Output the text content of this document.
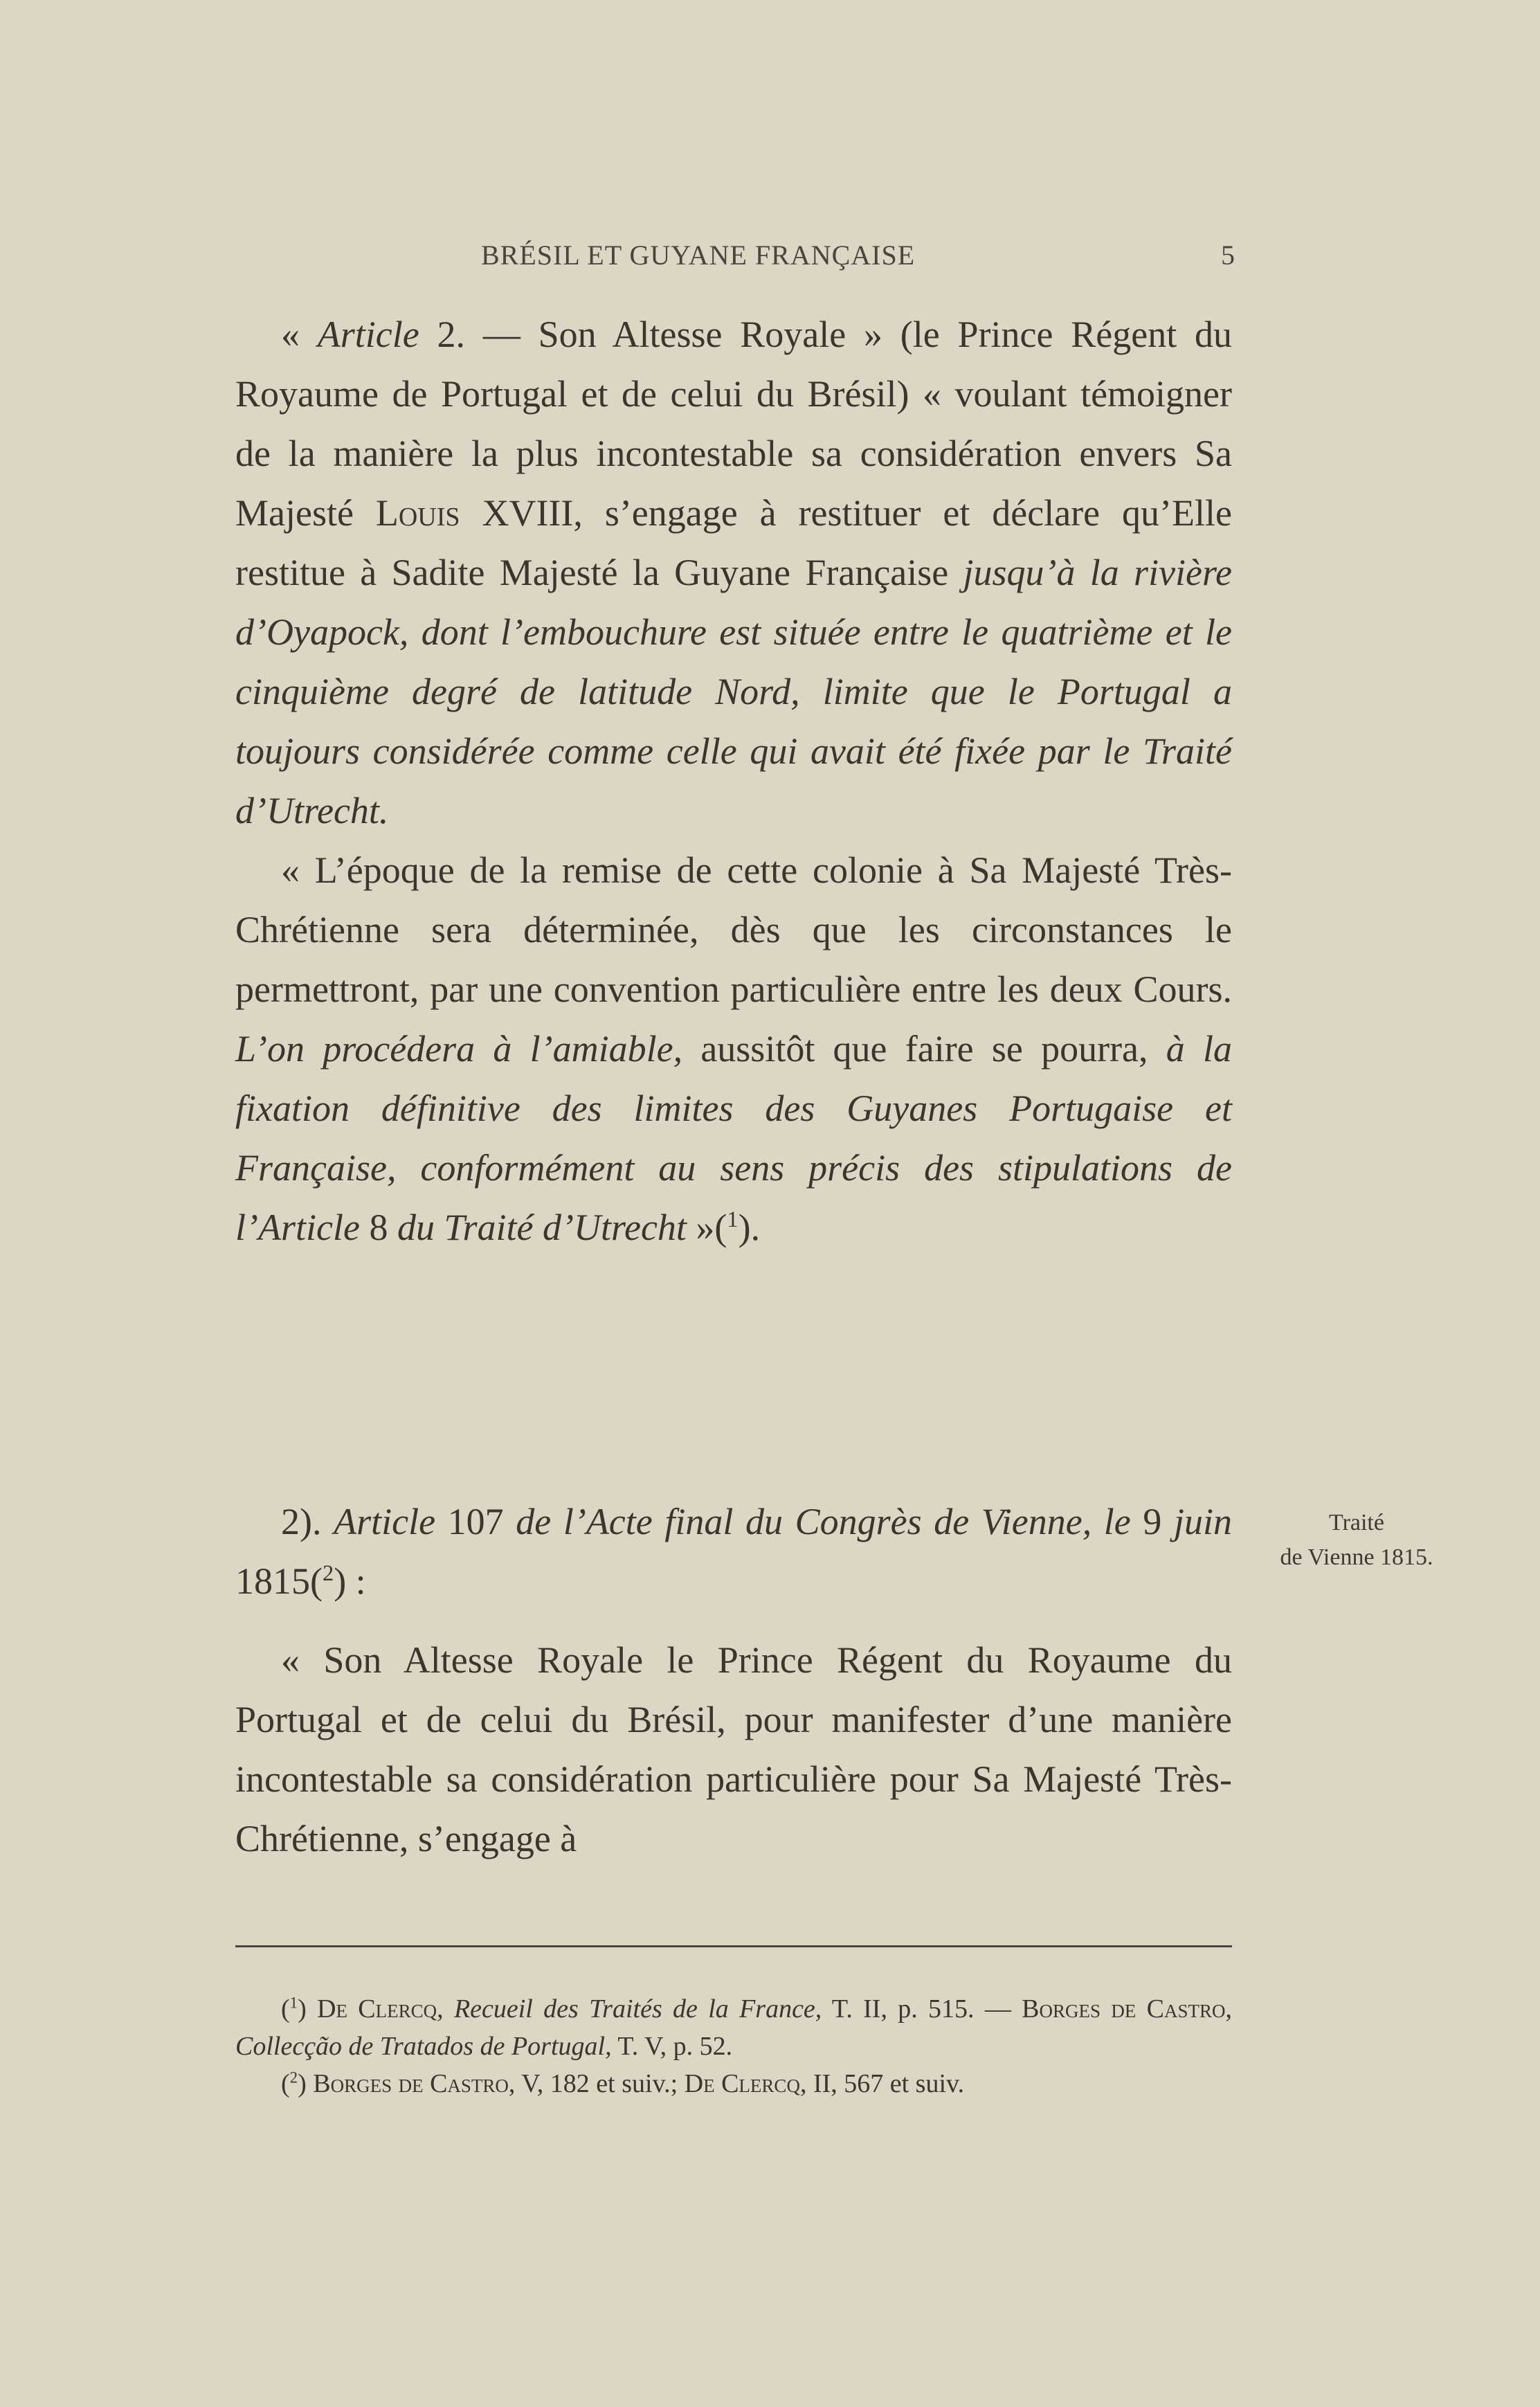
BRÉSIL ET GUYANE FRANÇAISE	5

« Article 2. — Son Altesse Royale » (le Prince Régent du Royaume de Portugal et de celui du Brésil) « voulant témoigner de la manière la plus incontestable sa considération envers Sa Majesté Louis XVIII, s’engage à restituer et déclare qu’Elle restitue à Sadite Majesté la Guyane Française jusqu’à la rivière d’Oyapock, dont l’embouchure est située entre le quatrième et le cinquième degré de latitude Nord, limite que le Portugal a toujours considérée comme celle qui avait été fixée par le Traité d’Utrecht.

« L’époque de la remise de cette colonie à Sa Majesté Très-Chrétienne sera déterminée, dès que les circonstances le permettront, par une convention particulière entre les deux Cours. L’on procédera à l’amiable, aussitôt que faire se pourra, à la fixation définitive des limites des Guyanes Portugaise et Française, conformément au sens précis des stipulations de l’Article 8 du Traité d’Utrecht »($^1$).

2). Article 107 de l’Acte final du Congrès de Vienne, le 9 juin 1815($^2$) :

Traité
de Vienne 1815.

« Son Altesse Royale le Prince Régent du Royaume du Portugal et de celui du Brésil, pour manifester d’une manière incontestable sa considération particulière pour Sa Majesté Très-Chrétienne, s’engage à

($^1$) De Clercq, Recueil des Traités de la France, T. II, p. 515. — Borges de Castro, Collecção de Tratados de Portugal, T. V, p. 52.

($^2$) Borges de Castro, V, 182 et suiv.; De Clercq, II, 567 et suiv.
